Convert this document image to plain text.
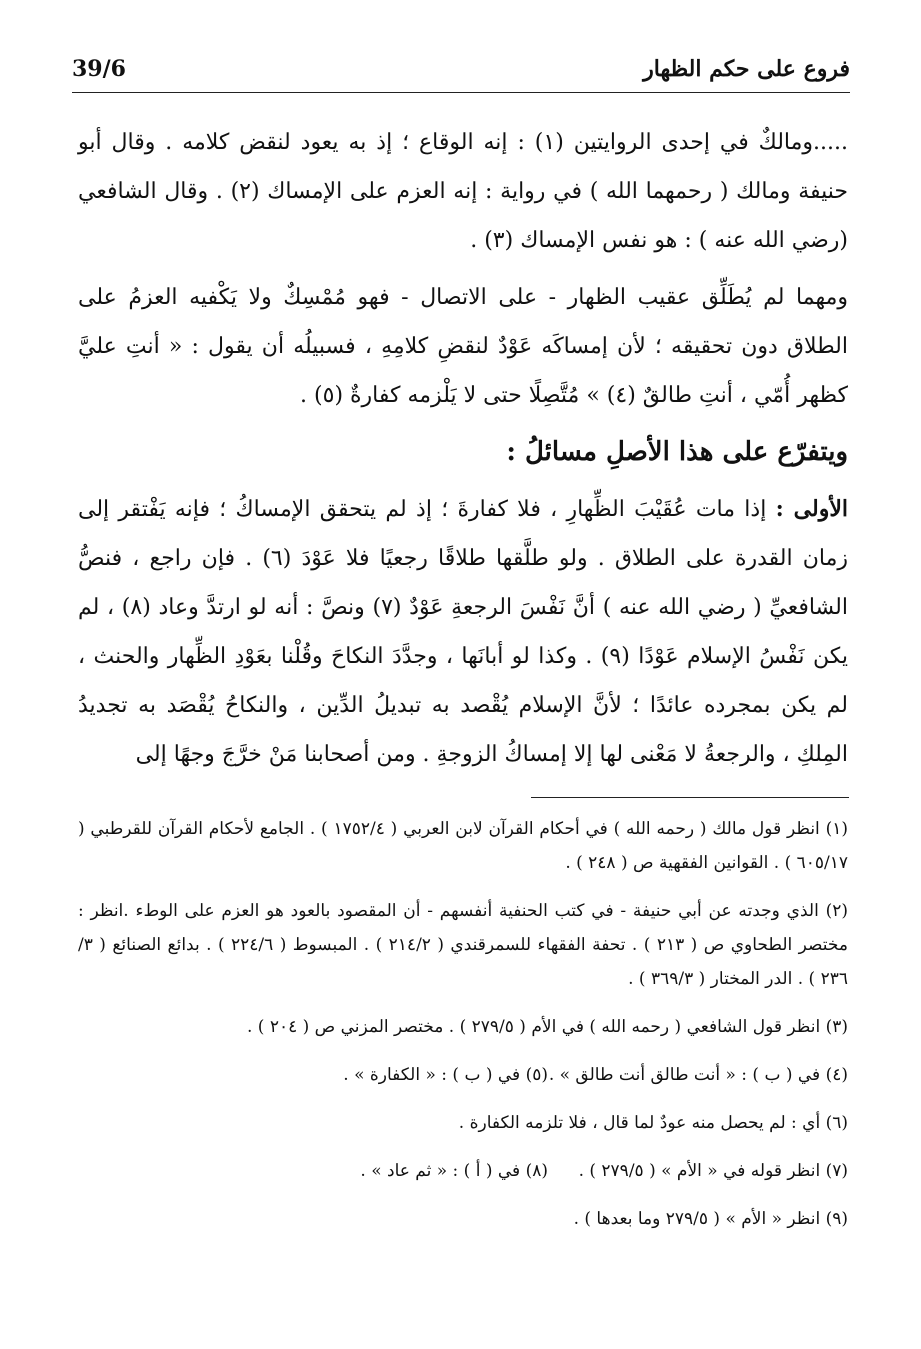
فروع على حكم الظهار
39/6

.....ومالكٌ في إحدى الروايتين (١) : إنه الوقاع ؛ إذ به يعود لنقض كلامه . وقال أبو حنيفة ومالك ( رحمهما الله ) في رواية : إنه العزم على الإمساك (٢) . وقال الشافعي (رضي الله عنه ) : هو نفس الإمساك (٣) .

ومهما لم يُطَلِّق عقيب الظهار - على الاتصال - فهو مُمْسِكٌ ولا يَكْفيه العزمُ على الطلاق دون تحقيقه ؛ لأن إمساكَه عَوْدٌ لنقضِ كلامِهِ ، فسبيلُه أن يقول : « أنتِ عليَّ كظهر أُمّي ، أنتِ طالقٌ (٤) » مُتَّصِلًا حتى لا يَلْزمه كفارةٌ (٥) .

ويتفرّع على هذا الأصلِ مسائلُ :

الأولى : إذا مات عُقَيْبَ الظِّهارِ ، فلا كفارةَ ؛ إذ لم يتحقق الإمساكُ ؛ فإنه يَفْتقر إلى زمان القدرة على الطلاق . ولو طلَّقها طلاقًا رجعيًا فلا عَوْدَ (٦) . فإن راجع ، فنصُّ الشافعيِّ ( رضي الله عنه ) أنَّ نَفْسَ الرجعةِ عَوْدٌ (٧) ونصَّ : أنه لو ارتدَّ وعاد (٨) ، لم يكن نَفْسُ الإسلام عَوْدًا (٩) . وكذا لو أبانَها ، وجدَّدَ النكاحَ وقُلْنا بعَوْدِ الظِّهار والحنث ، لم يكن بمجرده عائدًا ؛ لأنَّ الإسلام يُقْصد به تبديلُ الدِّين ، والنكاحُ يُقْصَد به تجديدُ المِلكِ ، والرجعةُ لا مَعْنى لها إلا إمساكُ الزوجةِ . ومن أصحابنا مَنْ خرَّجَ وجهًا إلى

(١) انظر قول مالك ( رحمه الله ) في أحكام القرآن لابن العربي ( ١٧٥٢/٤ ) . الجامع لأحكام القرآن للقرطبي ( ٦٠٥/١٧ ) . القوانين الفقهية ص ( ٢٤٨ ) .
(٢) الذي وجدته عن أبي حنيفة - في كتب الحنفية أنفسهم - أن المقصود بالعود هو العزم على الوطء .انظر : مختصر الطحاوي ص ( ٢١٣ ) . تحفة الفقهاء للسمرقندي ( ٢١٤/٢ ) . المبسوط ( ٢٢٤/٦ ) . بدائع الصنائع ( ٣/ ٢٣٦ ) . الدر المختار ( ٣٦٩/٣ ) .
(٣) انظر قول الشافعي ( رحمه الله ) في الأم ( ٢٧٩/٥ ) . مختصر المزني ص ( ٢٠٤ ) .
(٤) في ( ب ) : « أنت طالق أنت طالق » .
(٥) في ( ب ) : « الكفارة » .
(٦) أي : لم يحصل منه عودٌ لما قال ، فلا تلزمه الكفارة .
(٧) انظر قوله في « الأم » ( ٢٧٩/٥ ) .
(٨) في ( أ ) : « ثم عاد » .
(٩) انظر « الأم » ( ٢٧٩/٥ وما بعدها ) .
